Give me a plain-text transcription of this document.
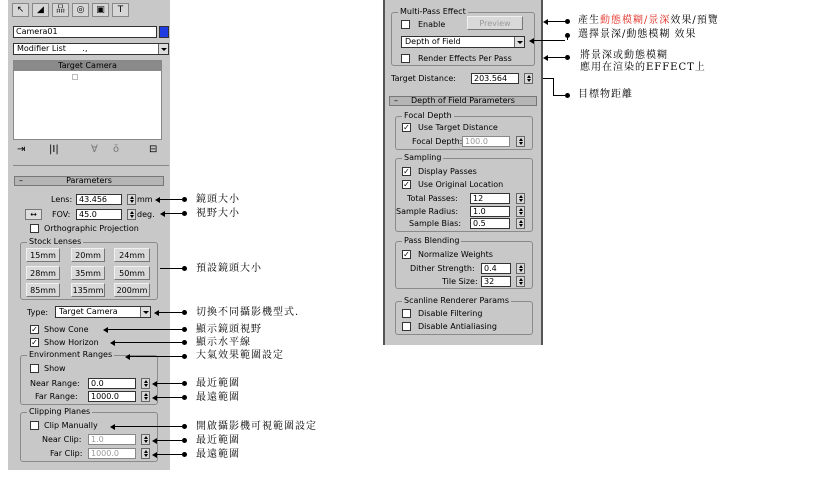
↖	◢	品	◎	▣	T
Camera01
Modifier List .,
Target Camera
⇥ |I|	∀ ō	⊟
–	Parameters
Lens: 43.456	mm
↔	FOV:	45.0	deg.
Orthographic Projection
Stock Lenses
15mm	20mm	24mm
28mm	35mm	50mm
85mm	135mm	200mm
Type:	Target Camera
✓ Show Cone
✓ Show Horizon
Environment Ranges
Show
Near Range:	0.0
Far Range:	1000.0
Clipping Planes
Clip Manually
Near Clip:	1.0
Far Clip:	1000.0
Multi-Pass Effect
Enable	Preview
Depth of Field
Render Effects Per Pass
Target Distance:	203.564
– Depth of Field Parameters
Focal Depth
✓ Use Target Distance
Focal Depth: 100.0
Sampling
✓ Display Passes
✓ Use Original Location
Total Passes:	12
Sample Radius:	1.0
Sample Bias:	0.5
Pass Blending
✓ Normalize Weights
Dither Strength:	0.4
Tile Size: 32
Scanline Renderer Params
Disable Filtering
Disable Antialiasing
鏡頭大小
視野大小
預設鏡頭大小
切換不同攝影機型式.
顯示鏡頭視野
顯示水平線
大氣效果範圍設定
最近範圍
最遠範圍
開啟攝影機可視範圍設定
最近範圍
最遠範圍
產生動態模糊/景深效果/預覽
選擇景深/動態模糊 效果
將景深或動態模糊
應用在渲染的EFFECT上
目標物距離
